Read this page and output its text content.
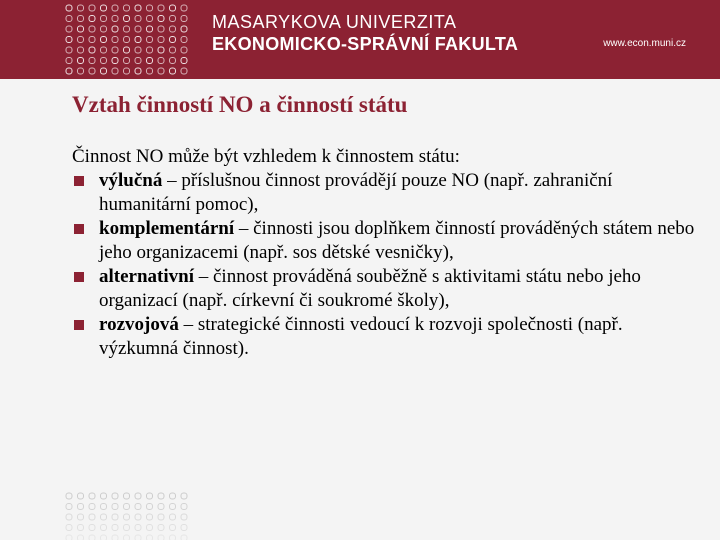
MASARYKOVA UNIVERZITA
EKONOMICKO-SPRÁVNÍ FAKULTA	www.econ.muni.cz
Vztah činností NO a činností státu

Činnost NO může být vzhledem k činnostem státu:

výlučná – příslušnou činnost provádějí pouze NO (např. zahraniční humanitární pomoc),
komplementární – činnosti jsou doplňkem činností prováděných státem nebo jeho organizacemi (např. sos dětské vesničky),
alternativní – činnost prováděná souběžně s aktivitami státu nebo jeho organizací (např. církevní či soukromé školy),
rozvojová – strategické činnosti vedoucí k rozvoji společnosti (např. výzkumná činnost).
